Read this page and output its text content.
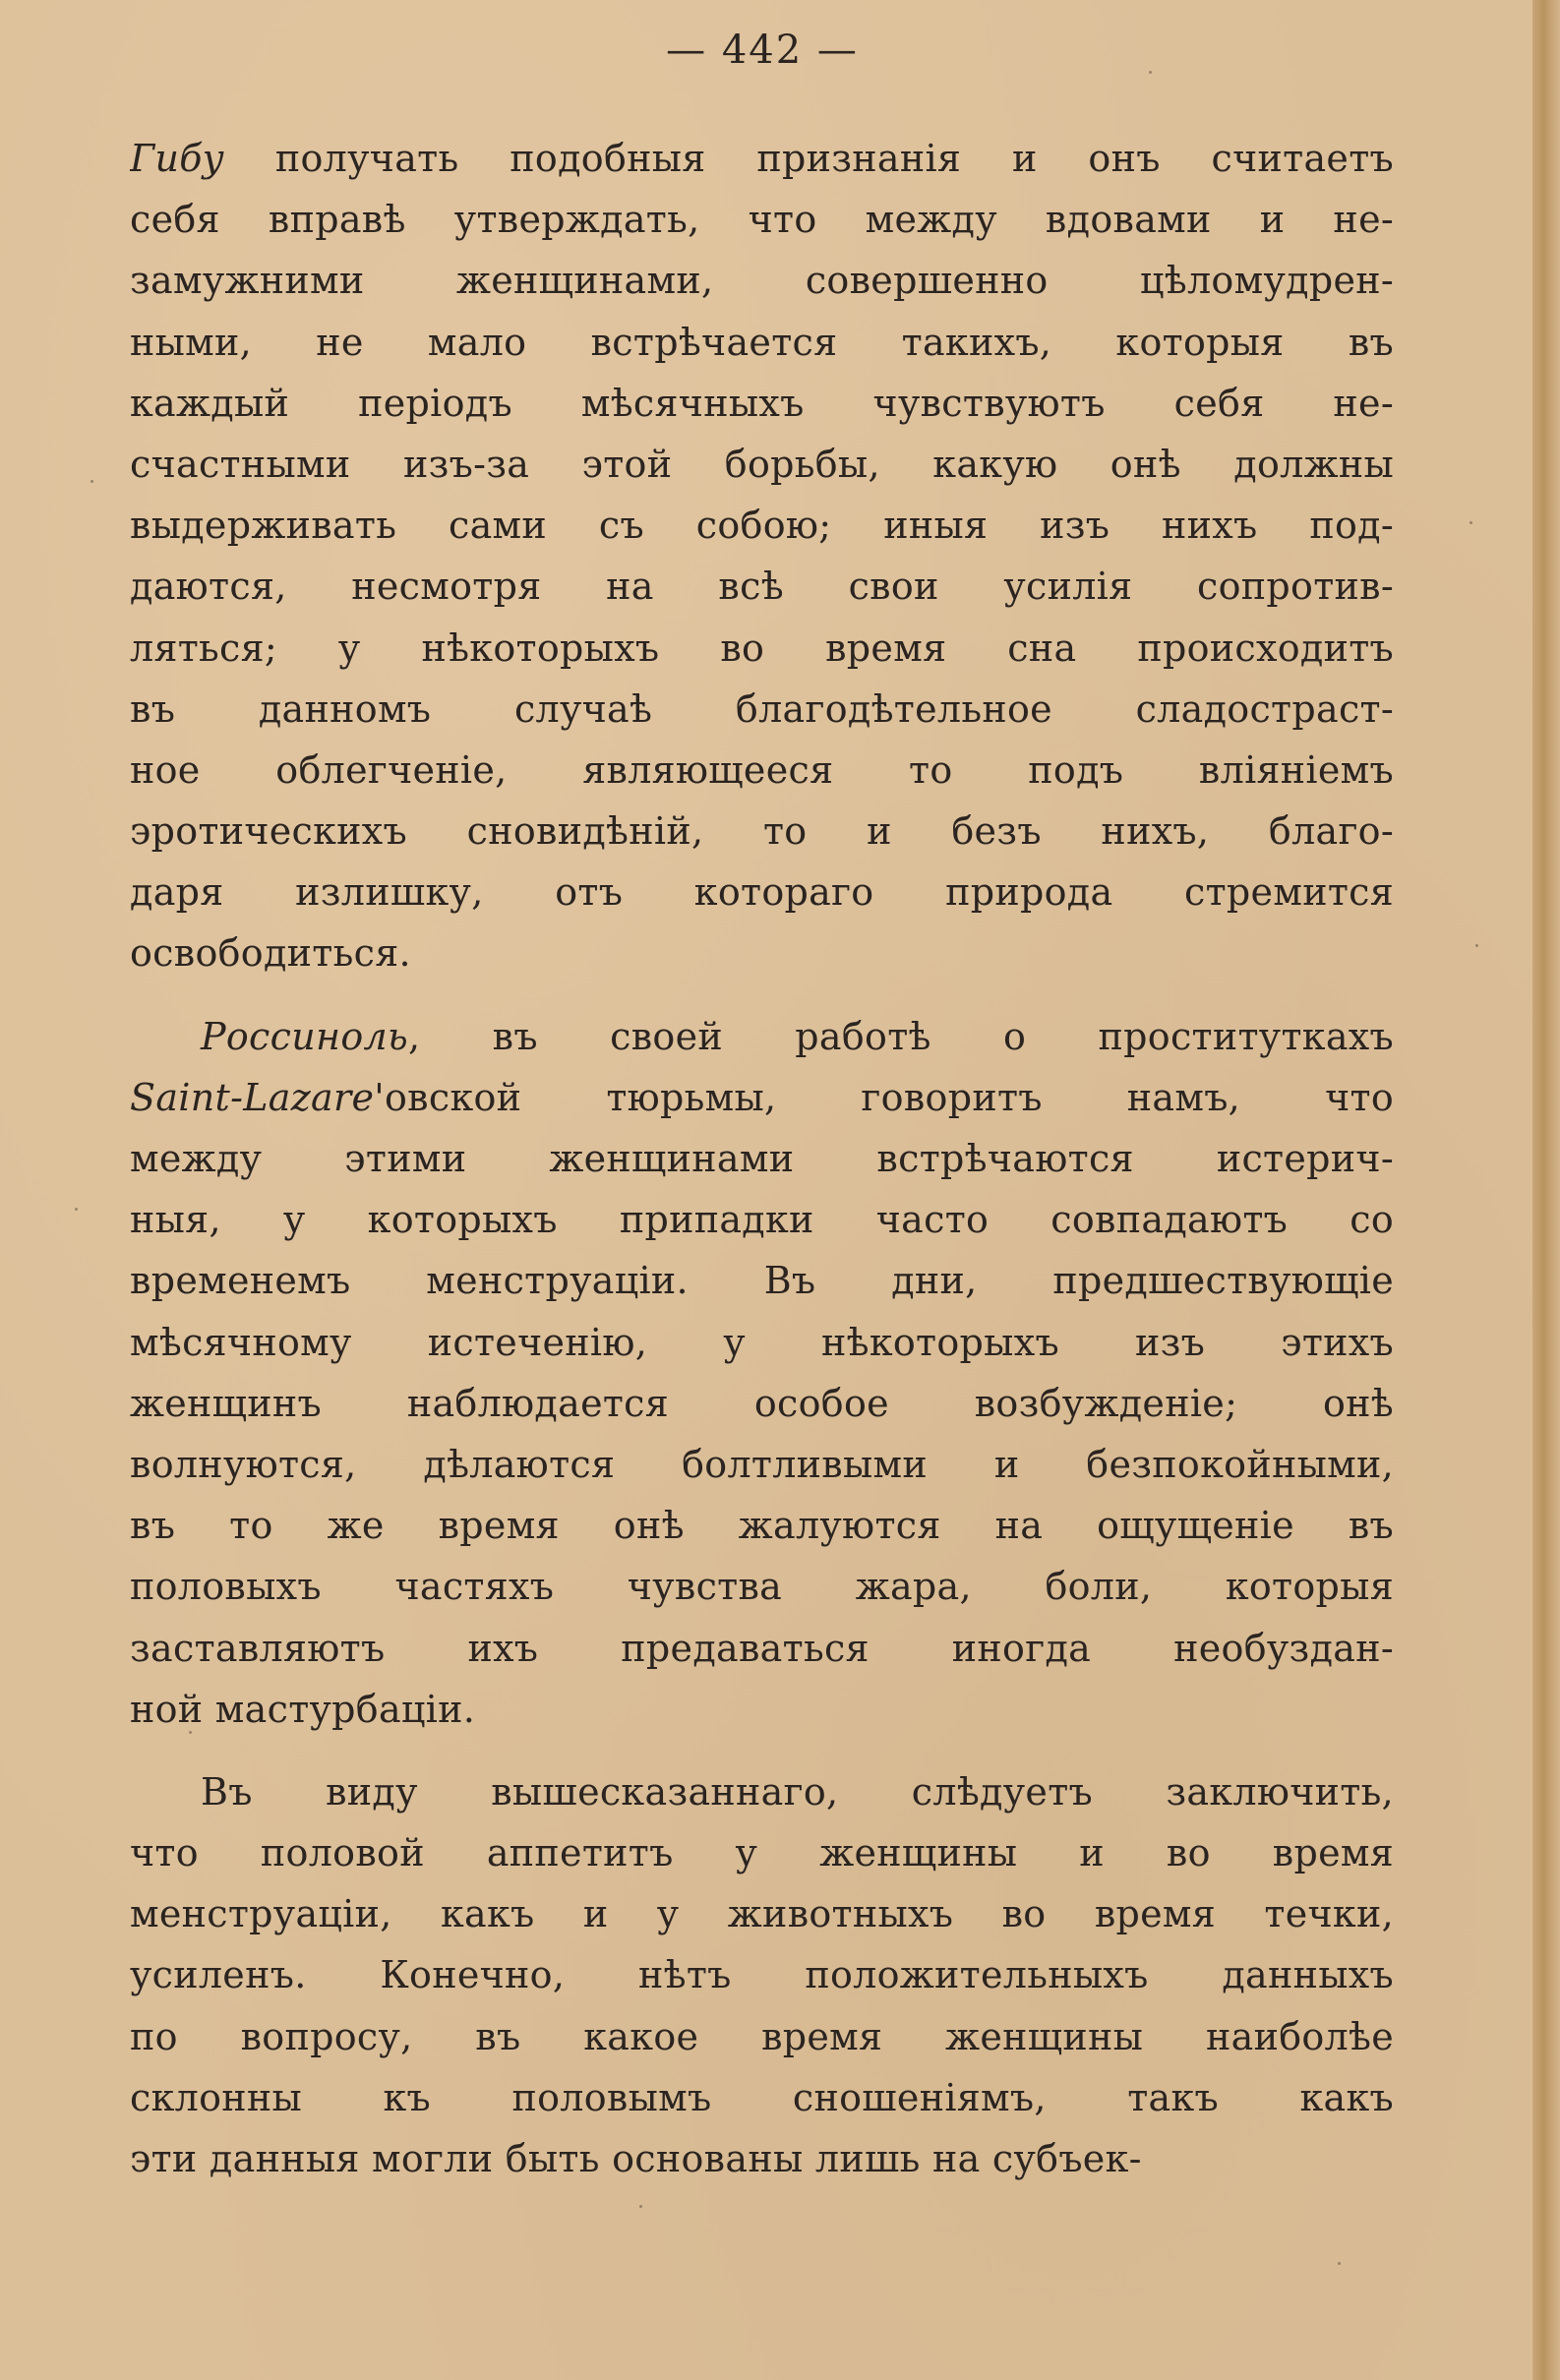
— 442 —
Гибу получать подобныя признанія и онъ считаетъ
себя вправѣ утверждать, что между вдовами и не-
замужними женщинами, совершенно цѣломудрен-
ными, не мало встрѣчается такихъ, которыя въ
каждый періодъ мѣсячныхъ чувствуютъ себя не-
счастными изъ-за этой борьбы, какую онѣ должны
выдерживать сами съ собою; иныя изъ нихъ под-
даются, несмотря на всѣ свои усилія сопротив-
ляться; у нѣкоторыхъ во время сна происходитъ
въ данномъ случаѣ благодѣтельное сладостраст-
ное облегченіе, являющееся то подъ вліяніемъ
эротическихъ сновидѣній, то и безъ нихъ, благо-
даря излишку, отъ котораго природа стремится
освободиться.
Россиноль, въ своей работѣ о проституткахъ
Saint-Lazare'овской тюрьмы, говоритъ намъ, что
между этими женщинами встрѣчаются истерич-
ныя, у которыхъ припадки часто совпадаютъ со
временемъ менструаціи. Въ дни, предшествующіе
мѣсячному истеченію, у нѣкоторыхъ изъ этихъ
женщинъ наблюдается особое возбужденіе; онѣ
волнуются, дѣлаются болтливыми и безпокойными,
въ то же время онѣ жалуются на ощущеніе въ
половыхъ частяхъ чувства жара, боли, которыя
заставляютъ ихъ предаваться иногда необуздан-
ной мастурбаціи.
Въ виду вышесказаннаго, слѣдуетъ заключить,
что половой аппетитъ у женщины и во время
менструаціи, какъ и у животныхъ во время течки,
усиленъ. Конечно, нѣтъ положительныхъ данныхъ
по вопросу, въ какое время женщины наиболѣе
склонны къ половымъ сношеніямъ, такъ какъ
эти данныя могли быть основаны лишь на субъек-
